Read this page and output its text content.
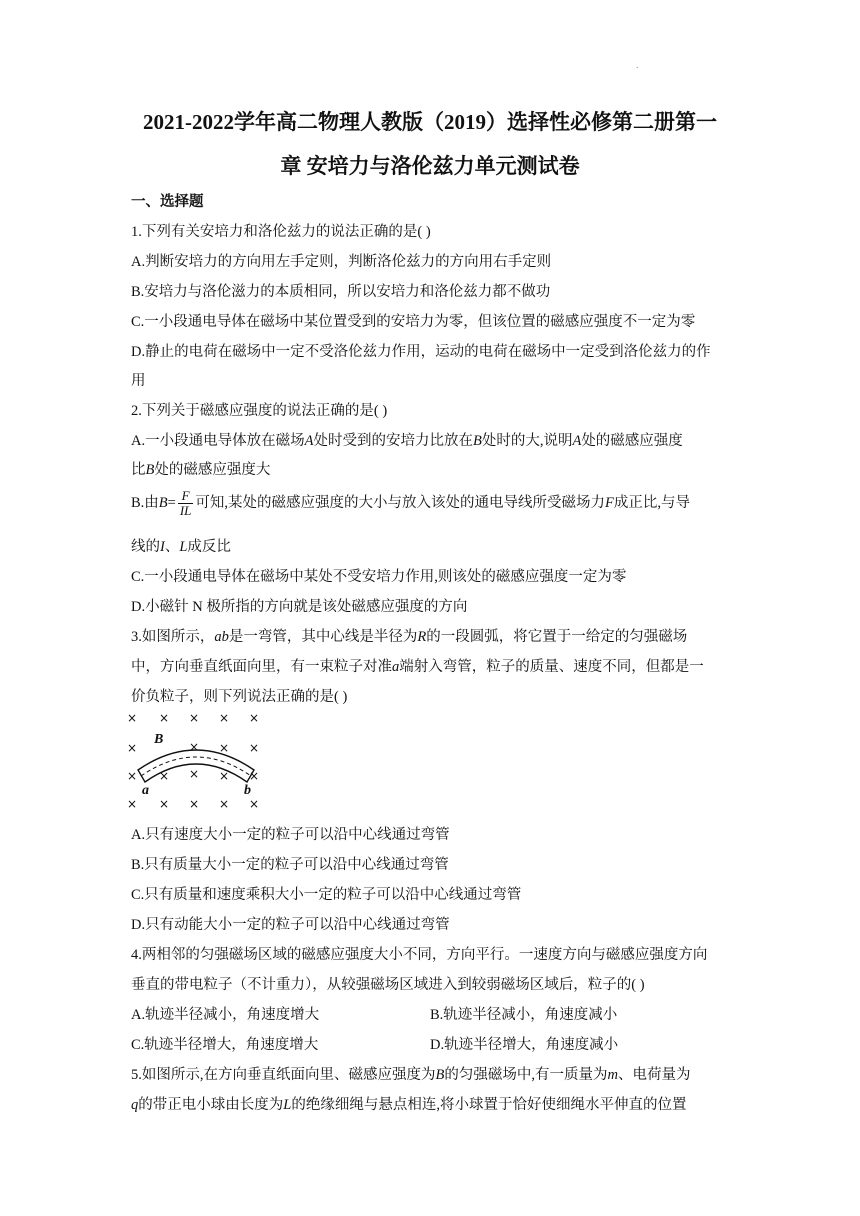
.
2021-2022学年高二物理人教版（2019）选择性必修第二册第一
章 安培力与洛伦兹力单元测试卷
一、选择题
1.下列有关安培力和洛伦兹力的说法正确的是( )
A.判断安培力的方向用左手定则，判断洛伦兹力的方向用右手定则
B.安培力与洛伦滋力的本质相同，所以安培力和洛伦兹力都不做功
C.一小段通电导体在磁场中某位置受到的安培力为零，但该位置的磁感应强度不一定为零
D.静止的电荷在磁场中一定不受洛伦兹力作用，运动的电荷在磁场中一定受到洛伦兹力的作
用
2.下列关于磁感应强度的说法正确的是( )
A.一小段通电导体放在磁场A处时受到的安培力比放在B处时的大,说明A处的磁感应强度
比B处的磁感应强度大
B.由$B= \frac{F}{IL}$ 可知,某处的磁感应强度的大小与放入该处的通电导线所受磁场力F成正比,与导
线的I、L成反比
C.一小段通电导体在磁场中某处不受安培力作用,则该处的磁感应强度一定为零
D.小磁针 N 极所指的方向就是该处磁感应强度的方向
3.如图所示，ab是一弯管，其中心线是半径为R的一段圆弧，将它置于一给定的匀强磁场
中，方向垂直纸面向里，有一束粒子对准a端射入弯管，粒子的质量、速度不同，但都是一
价负粒子，则下列说法正确的是( )
× × × × ×
×	× ×
×
× × × × ×
× × × × ×
B
a	b
A.只有速度大小一定的粒子可以沿中心线通过弯管
B.只有质量大小一定的粒子可以沿中心线通过弯管
C.只有质量和速度乘积大小一定的粒子可以沿中心线通过弯管
D.只有动能大小一定的粒子可以沿中心线通过弯管
4.两相邻的匀强磁场区域的磁感应强度大小不同，方向平行。一速度方向与磁感应强度方向
垂直的带电粒子（不计重力），从较强磁场区域进入到较弱磁场区域后，粒子的( )
A.轨迹半径减小，角速度增大	B.轨迹半径减小，角速度减小
C.轨迹半径增大，角速度增大	D.轨迹半径增大，角速度减小
5.如图所示,在方向垂直纸面向里、磁感应强度为B的匀强磁场中,有一质量为m、电荷量为
q的带正电小球由长度为L的绝缘细绳与悬点相连,将小球置于恰好使细绳水平伸直的位置
